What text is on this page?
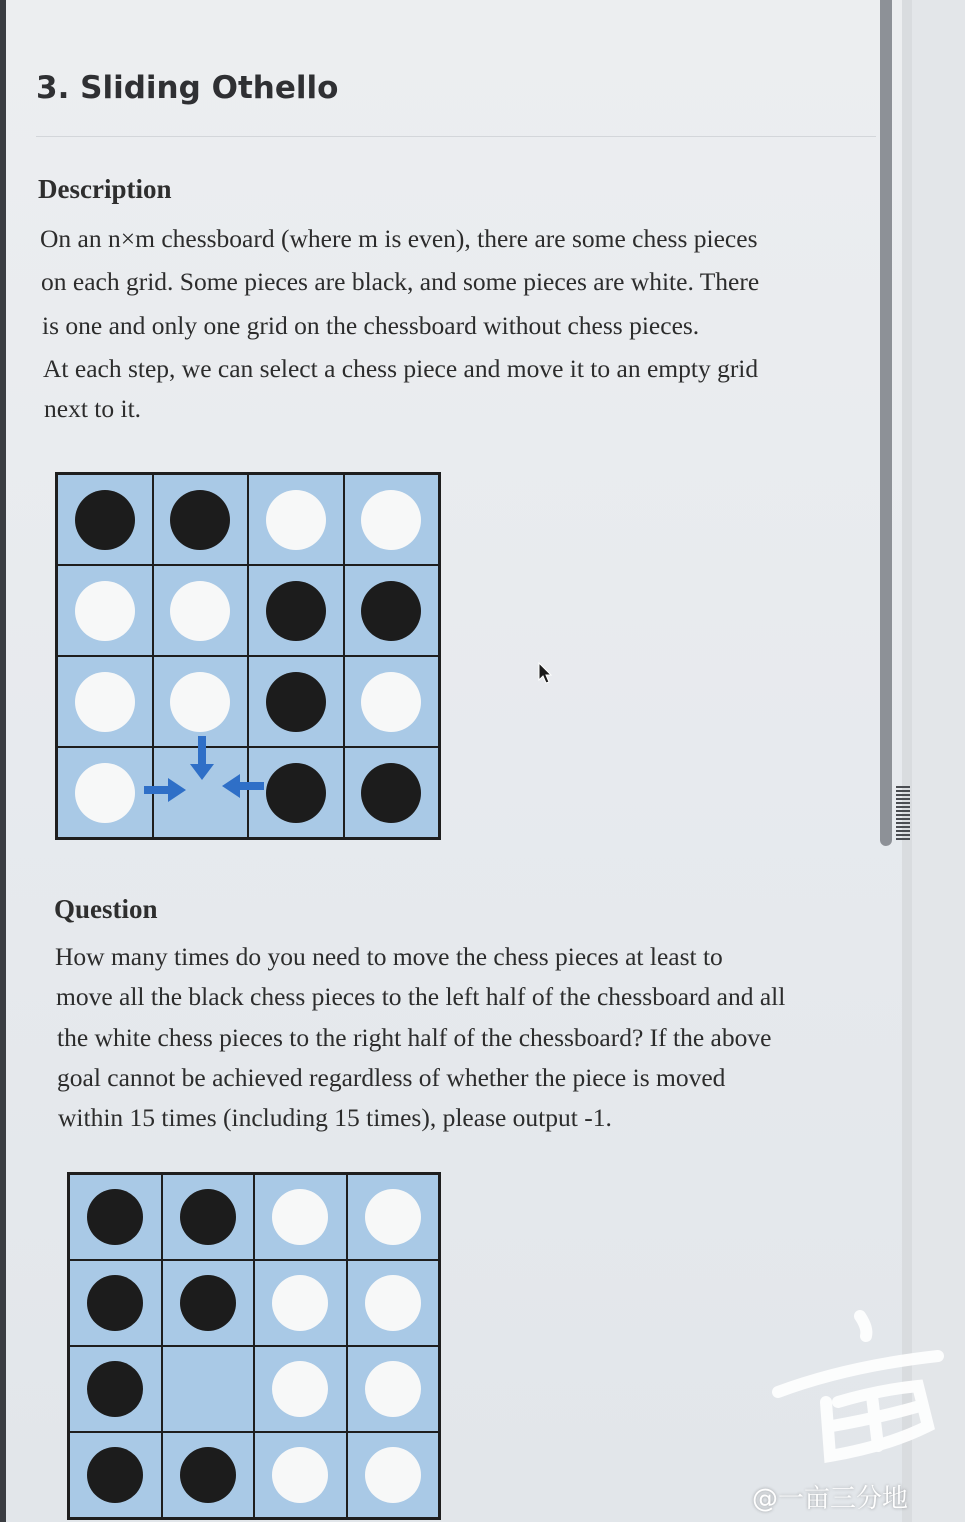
3. Sliding Othello
Description

On an n×m chessboard (where m is even), there are some chess pieces

on each grid. Some pieces are black, and some pieces are white. There

is one and only one grid on the chessboard without chess pieces.

At each step, we can select a chess piece and move it to an empty grid

next to it.

Question

How many times do you need to move the chess pieces at least to

move all the black chess pieces to the left half of the chessboard and all

the white chess pieces to the right half of the chessboard? If the above

goal cannot be achieved regardless of whether the piece is moved

within 15 times (including 15 times), please output -1.

@一亩三分地
